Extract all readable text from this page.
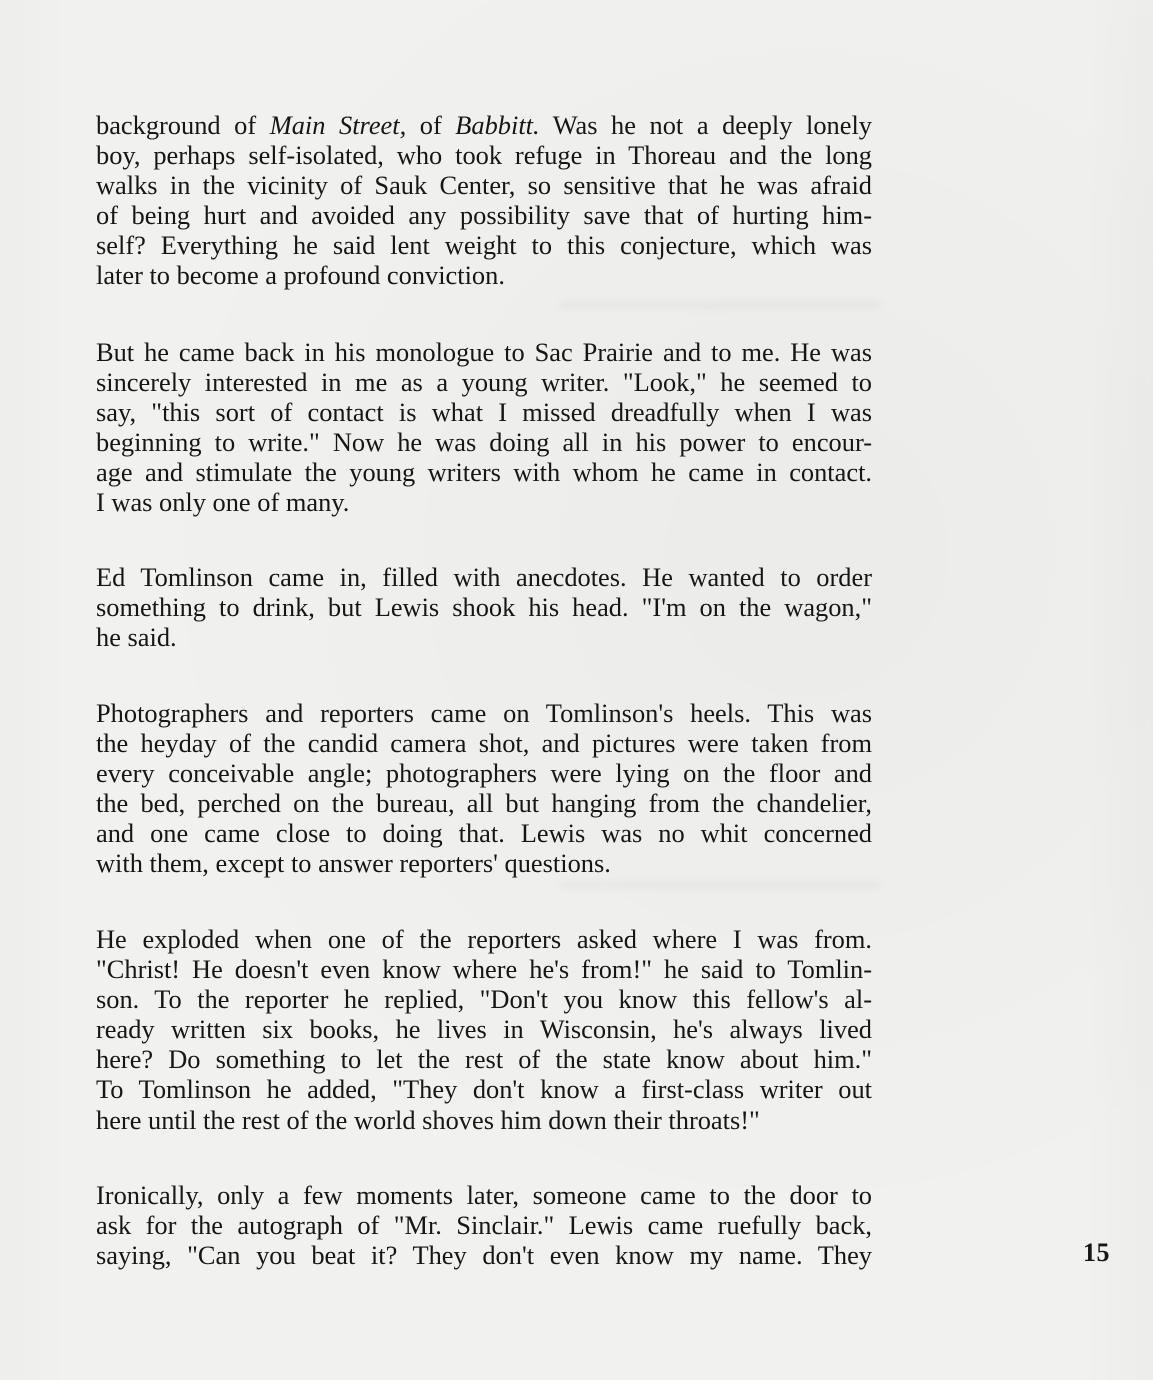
background of Main Street, of Babbitt. Was he not a deeply lonely
boy, perhaps self-isolated, who took refuge in Thoreau and the long
walks in the vicinity of Sauk Center, so sensitive that he was afraid
of being hurt and avoided any possibility save that of hurting him-
self? Everything he said lent weight to this conjecture, which was
later to become a profound conviction.

But he came back in his monologue to Sac Prairie and to me. He was
sincerely interested in me as a young writer. "Look," he seemed to
say, "this sort of contact is what I missed dreadfully when I was
beginning to write." Now he was doing all in his power to encour-
age and stimulate the young writers with whom he came in contact.
I was only one of many.

Ed Tomlinson came in, filled with anecdotes. He wanted to order
something to drink, but Lewis shook his head. "I'm on the wagon,"
he said.

Photographers and reporters came on Tomlinson's heels. This was
the heyday of the candid camera shot, and pictures were taken from
every conceivable angle; photographers were lying on the floor and
the bed, perched on the bureau, all but hanging from the chandelier,
and one came close to doing that. Lewis was no whit concerned
with them, except to answer reporters' questions.

He exploded when one of the reporters asked where I was from.
"Christ! He doesn't even know where he's from!" he said to Tomlin-
son. To the reporter he replied, "Don't you know this fellow's al-
ready written six books, he lives in Wisconsin, he's always lived
here? Do something to let the rest of the state know about him."
To Tomlinson he added, "They don't know a first-class writer out
here until the rest of the world shoves him down their throats!"

Ironically, only a few moments later, someone came to the door to
ask for the autograph of "Mr. Sinclair." Lewis came ruefully back,
saying, "Can you beat it? They don't even know my name. They	15
